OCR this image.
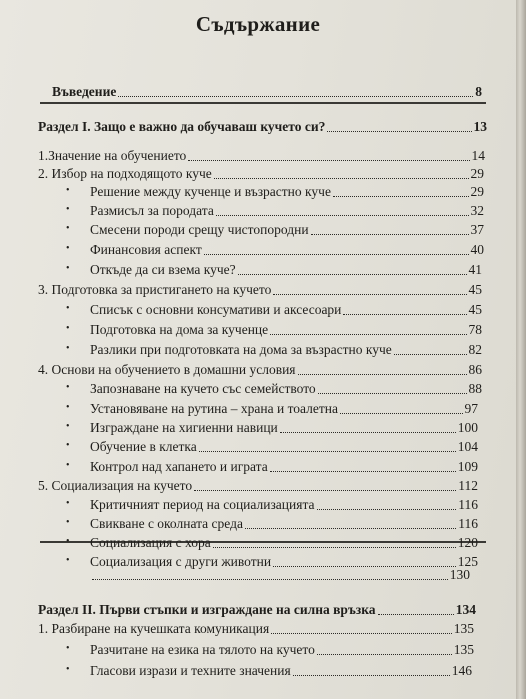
Съдържание
Въведение	8
Раздел I. Защо е важно да обучаваш кучето си?	13
1.Значение на обучението	14
2. Избор на подходящото куче	29
Решение между кученце и възрастно куче	29
Размисъл за породата	32
Смесени породи срещу чистопородни	37
Финансовия аспект	40
Откъде да си взема куче?	41
3. Подготовка за пристигането на кучето	45
Списък с основни консумативи и аксесоари	45
Подготовка на дома за кученце	78
Разлики при подготовката на дома за възрастно куче	82
4. Основи на обучението в домашни условия	86
Запознаване на кучето със семейството	88
Установяване на рутина – храна и тоалетна	97
Изграждане на хигиенни навици	100
Обучение в клетка	104
Контрол над хапането и играта	109
5. Социализация на кучето	112
Критичният период на социализацията	116
Свикване с околната среда	116
Социализация с хора	120
Социализация с други животни	125
130
Раздел II. Първи стъпки и изграждане на силна връзка	134
1. Разбиране на кучешката комуникация	135
Разчитане на езика на тялото на кучето	135
Гласови изрази и техните значения	146
•
•
•
•
•
•
•
•
•
•
•
•
•
•
•
•
•
•
•
